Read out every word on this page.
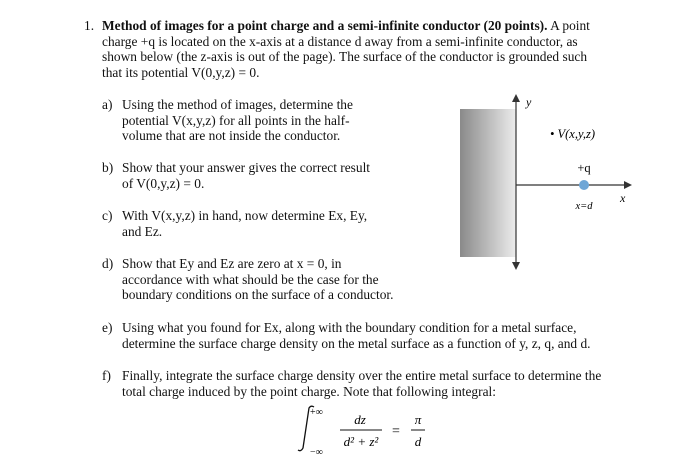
1. Method of images for a point charge and a semi-infinite conductor (20 points). A point
charge +q is located on the x-axis at a distance d away from a semi-infinite conductor, as
shown below (the z-axis is out of the page). The surface of the conductor is grounded such
that its potential V(0,y,z) = 0.
a) Using the method of images, determine the
potential V(x,y,z) for all points in the half-
volume that are not inside the conductor.
b) Show that your answer gives the correct result
of V(0,y,z) = 0.
c) With V(x,y,z) in hand, now determine Ex, Ey,
and Ez.
d) Show that Ey and Ez are zero at x = 0, in
accordance with what should be the case for the
boundary conditions on the surface of a conductor.
e) Using what you found for Ex, along with the boundary condition for a metal surface,
determine the surface charge density on the metal surface as a function of y, z, q, and d.
f) Finally, integrate the surface charge density over the entire metal surface to determine the
total charge induced by the point charge. Note that following integral:
+∞
−∞
dz
d² + z²
=
π
d
y
x
• V(x,y,z)
+q
x=d
